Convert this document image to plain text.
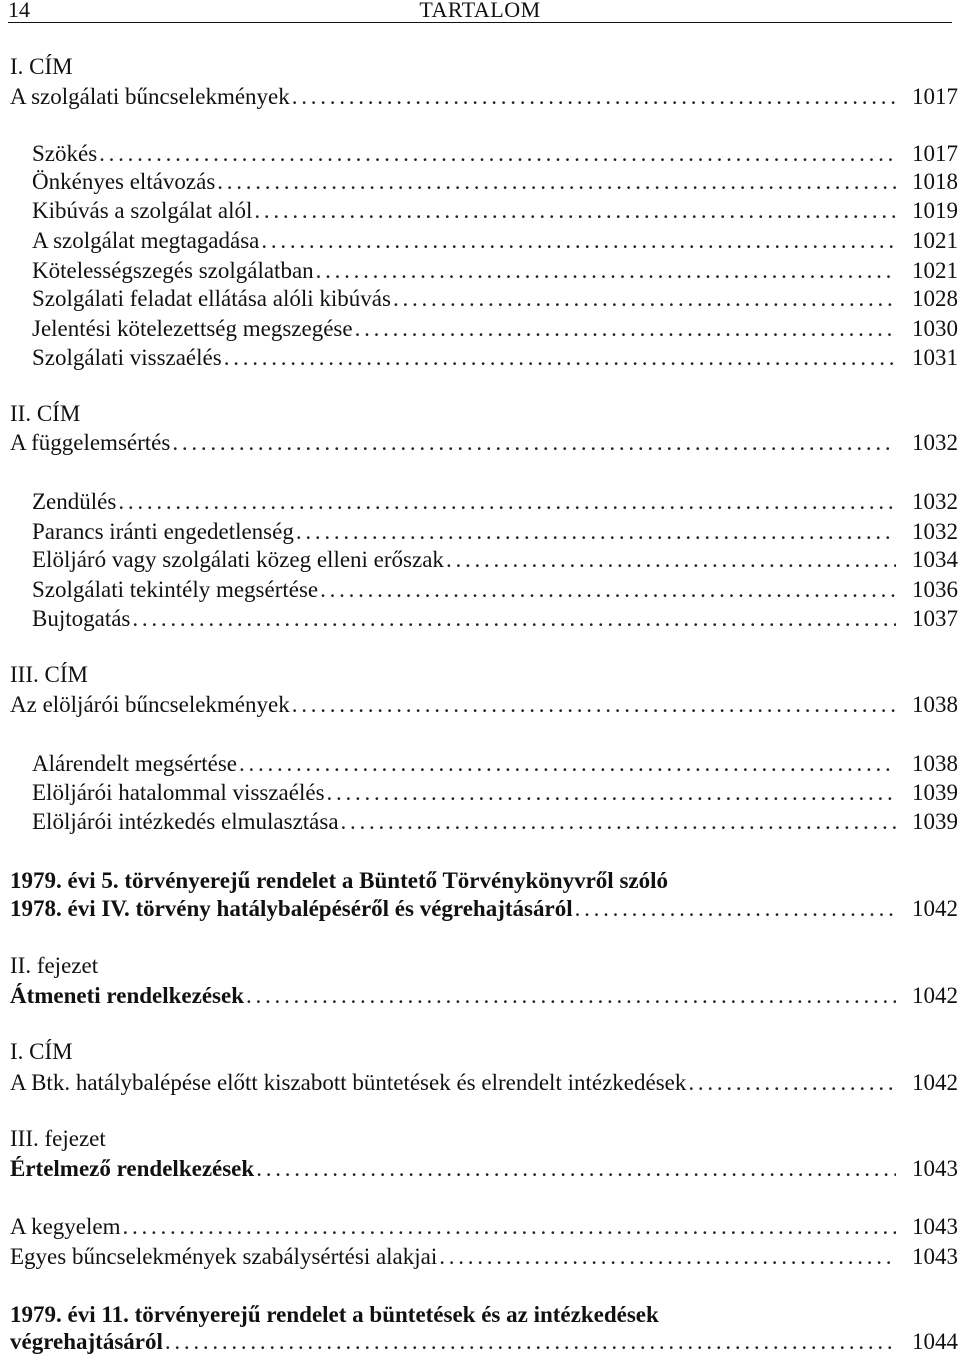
14	TARTALOM
I. CÍM
A szolgálati bűncselekmények . . .	1017
Szökés . . .	1017
Önkényes eltávozás . . .	1018
Kibúvás a szolgálat alól . . .	1019
A szolgálat megtagadása . . .	1021
Kötelességszegés szolgálatban . . .	1021
Szolgálati feladat ellátása alóli kibúvás . . .	1028
Jelentési kötelezettség megszegése . . .	1030
Szolgálati visszaélés . . .	1031
II. CÍM
A függelemsértés . . .	1032
Zendülés . . .	1032
Parancs iránti engedetlenség . . .	1032
Elöljáró vagy szolgálati közeg elleni erőszak . . .	1034
Szolgálati tekintély megsértése . . .	1036
Bujtogatás . . .	1037
III. CÍM
Az elöljárói bűncselekmények . . .	1038
Alárendelt megsértése . . .	1038
Elöljárói hatalommal visszaélés . . .	1039
Elöljárói intézkedés elmulasztása . . .	1039
1979. évi 5. törvényerejű rendelet a Büntető Törvénykönyvről szóló
1978. évi IV. törvény hatálybalépéséről és végrehajtásáról . . .	1042
II. fejezet
Átmeneti rendelkezések . . .	1042
I. CÍM
A Btk. hatálybalépése előtt kiszabott büntetések és elrendelt intézkedések . . .	1042
III. fejezet
Értelmező rendelkezések . . .	1043
A kegyelem . . .	1043
Egyes bűncselekmények szabálysértési alakjai . . .	1043
1979. évi 11. törvényerejű rendelet a büntetések és az intézkedések
végrehajtásáról . . .	1044
